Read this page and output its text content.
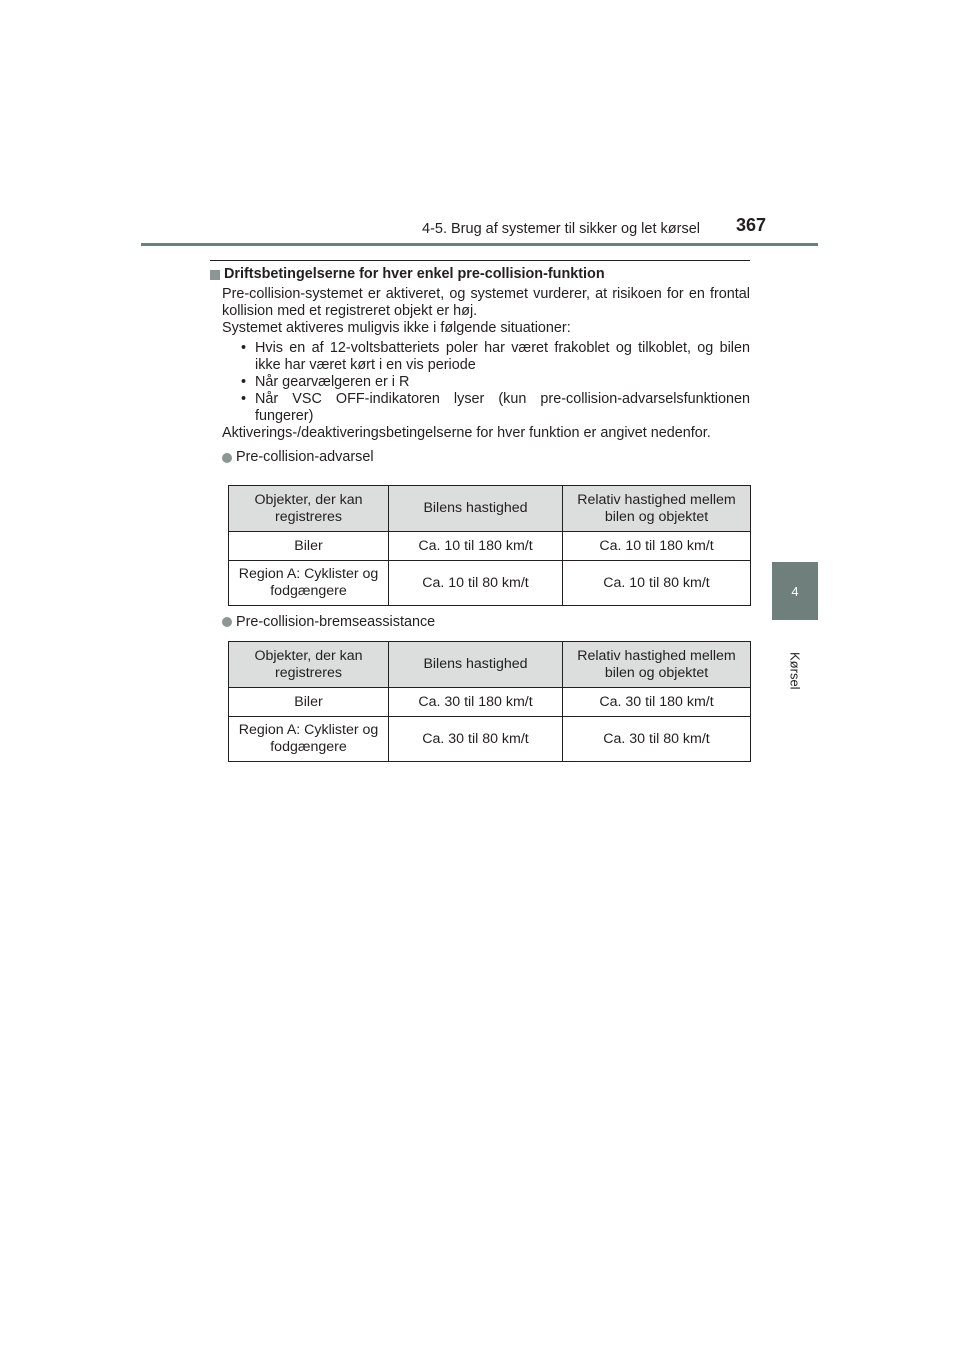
4-5. Brug af systemer til sikker og let kørsel 367
4
Kørsel
Driftsbetingelserne for hver enkel pre-collision-funktion

Pre-collision-systemet er aktiveret, og systemet vurderer, at risikoen for en frontal kollision med et registreret objekt er høj.

Systemet aktiveres muligvis ikke i følgende situationer:

• Hvis en af 12-voltsbatteriets poler har været frakoblet og tilkoblet, og bilen ikke har været kørt i en vis periode
• Når gearvælgeren er i R
• Når VSC OFF-indikatoren lyser (kun pre-collision-advarselsfunktionen fungerer)

Aktiverings-/deaktiveringsbetingelserne for hver funktion er angivet nedenfor.

Pre-collision-advarsel
Objekter, der kan registreres	Bilens hastighed	Relativ hastighed mellem bilen og objektet
Biler	Ca. 10 til 180 km/t	Ca. 10 til 180 km/t
Region A: Cyklister og fodgængere	Ca. 10 til 80 km/t	Ca. 10 til 80 km/t
Pre-collision-bremseassistance
Objekter, der kan registreres	Bilens hastighed	Relativ hastighed mellem bilen og objektet
Biler	Ca. 30 til 180 km/t	Ca. 30 til 180 km/t
Region A: Cyklister og fodgængere	Ca. 30 til 80 km/t	Ca. 30 til 80 km/t
